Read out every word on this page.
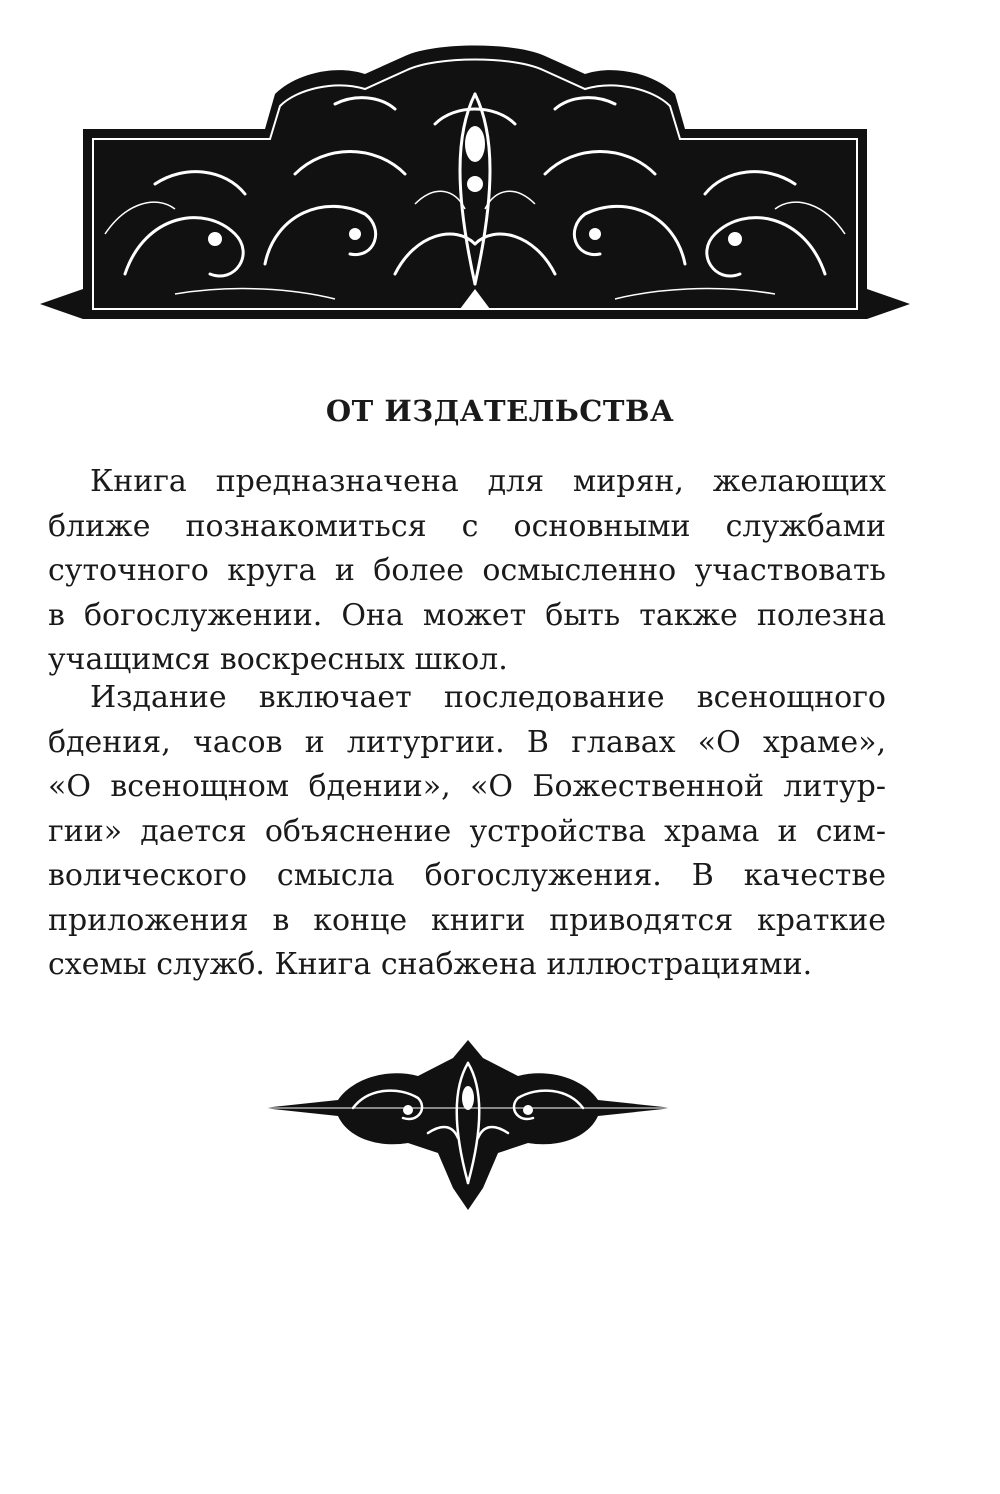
ОТ ИЗДАТЕЛЬСТВА
Книга предназначена для мирян, желающих
ближе познакомиться с основными службами
суточного круга и более осмысленно участвовать
в богослужении. Она может быть также полезна
учащимся воскресных школ.
Издание включает последование всенощного
бдения, часов и литургии. В главах «О храме»,
«О всенощном бдении», «О Божественной литур-
гии» дается объяснение устройства храма и сим-
волического смысла богослужения. В качестве
приложения в конце книги приводятся краткие
схемы служб. Книга снабжена иллюстрациями.
